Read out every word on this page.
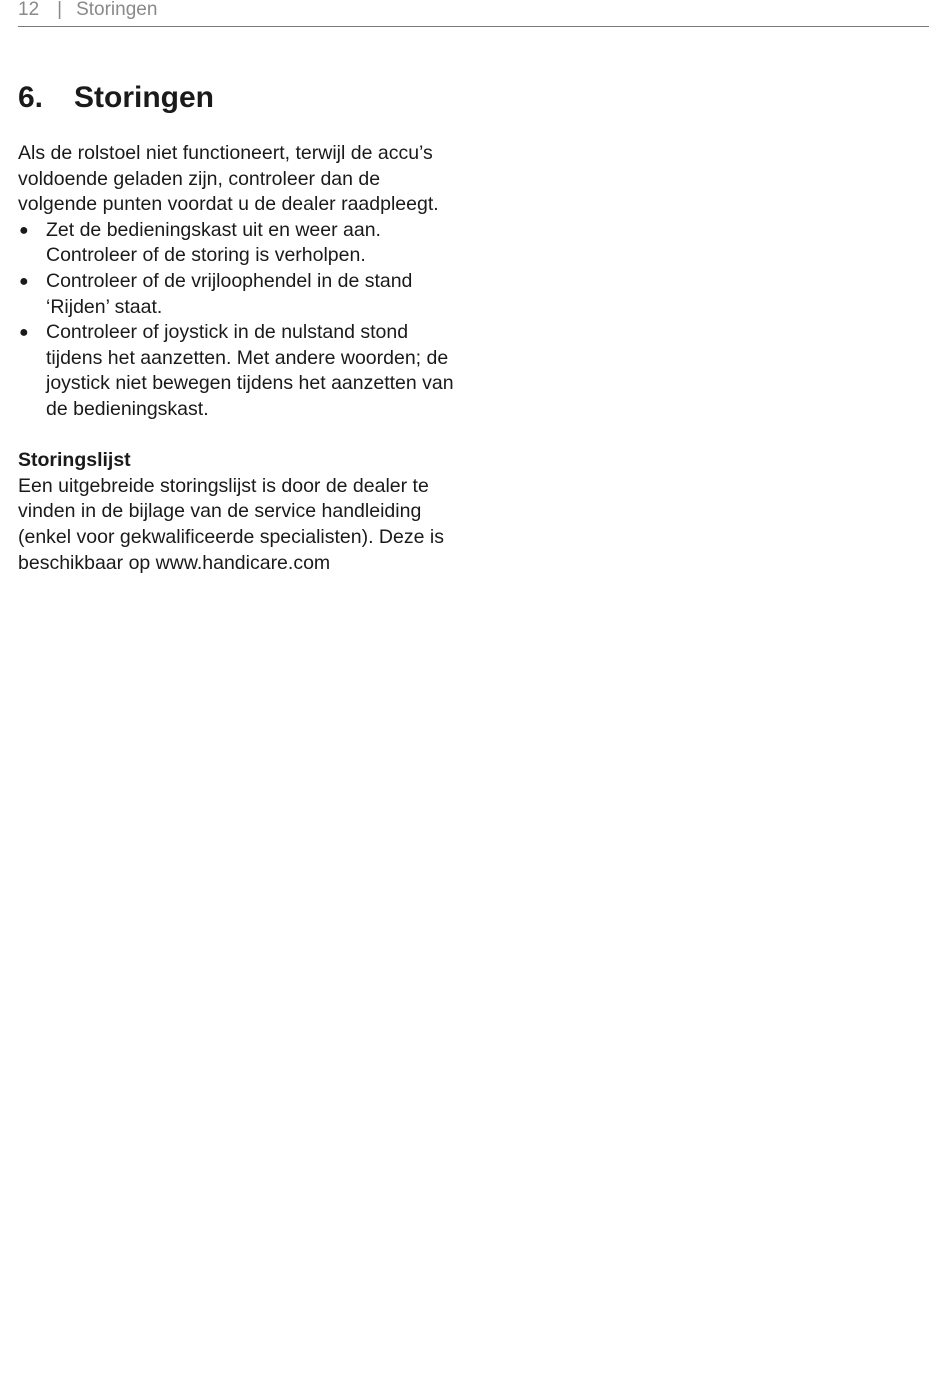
12 | Storingen
6. Storingen

Als de rolstoel niet functioneert, terwijl de accu’s voldoende geladen zijn, controleer dan de volgende punten voordat u de dealer raadpleegt.

● Zet de bedieningskast uit en weer aan. Controleer of de storing is verholpen.
● Controleer of de vrijloophendel in de stand ‘Rijden’ staat.
● Controleer of joystick in de nulstand stond tijdens het aanzetten. Met andere woorden; de joystick niet bewegen tijdens het aanzetten van de bedieningskast.

Storingslijst

Een uitgebreide storingslijst is door de dealer te vinden in de bijlage van de service handleiding (enkel voor gekwalificeerde specialisten). Deze is beschikbaar op www.handicare.com
